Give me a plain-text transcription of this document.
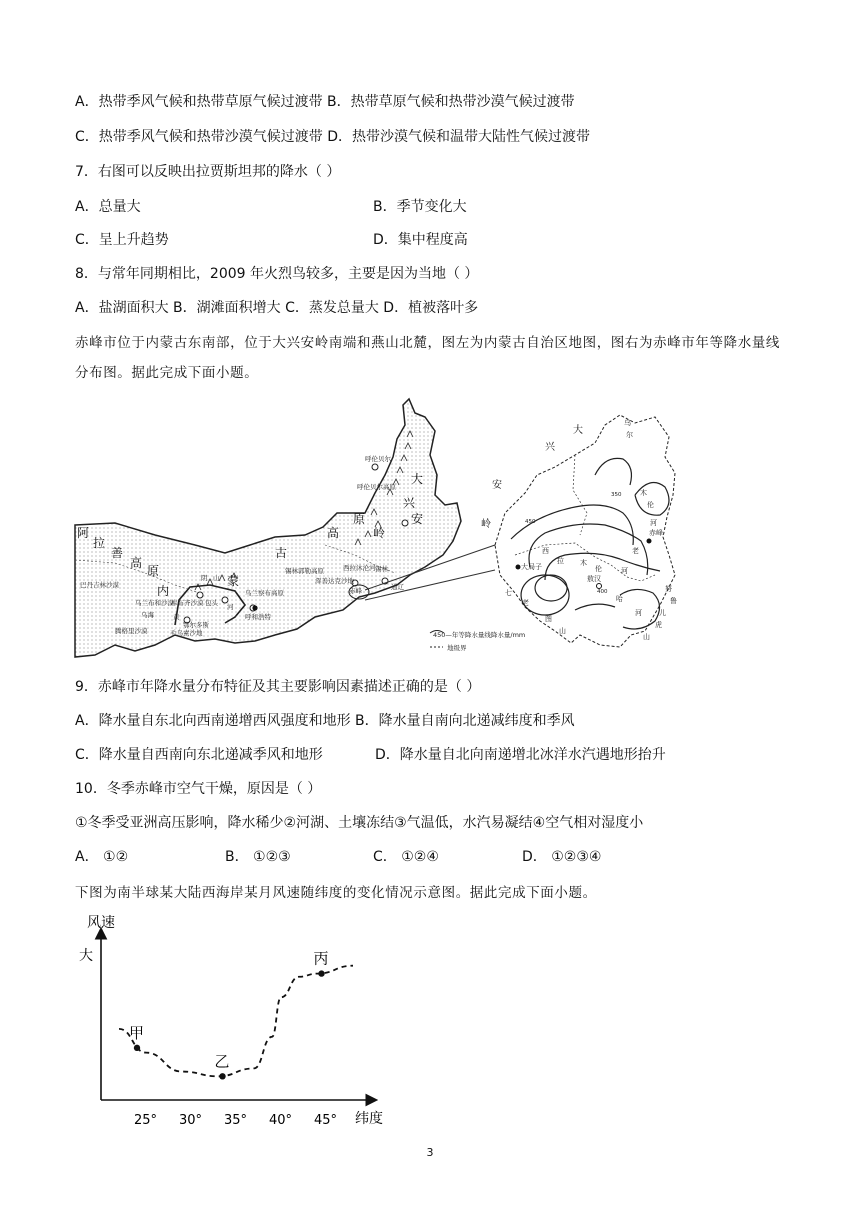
A．热带季风气候和热带草原气候过渡带 B．热带草原气候和热带沙漠气候过渡带
C．热带季风气候和热带沙漠气候过渡带 D．热带沙漠气候和温带大陆性气候过渡带
7．右图可以反映出拉贾斯坦邦的降水（ ）
A．总量大	B．季节变化大
C．呈上升趋势	D．集中程度高
8．与常年同期相比，2009 年火烈鸟较多，主要是因为当地（ ）
A．盐湖面积大 B．湖滩面积增大 C．蒸发总量大 D．植被落叶多
赤峰市位于内蒙古东南部，位于大兴安岭南端和燕山北麓，图左为内蒙古自治区地图，图右为赤峰市年等降水量线分布图。据此完成下面小题。
阿
拉
善
高
原
内
蒙
古
高
原
大
兴
安
岭
呼伦贝尔
呼伦贝尔高原
巴丹吉林沙漠
腾格里沙漠
乌兰布和沙漠
库布齐沙漠
毛乌素沙地
鄂尔多斯
阴 山
包头
呼和浩特
乌兰察布高原
锡林郭勒高原
浑善达克沙地
西拉沐沦河 锡林
赤峰	通辽
乌海	黄
河
350
450
400
大
兴
安
岭
乌
尔
木
伦
河
西
拉 木
伦	河
老
哈
河
七
老
图
山
努
鲁
儿
虎
山
大局子
赤峰
敖汉
450—年等降水量线降水量/mm
地级界
9．赤峰市年降水量分布特征及其主要影响因素描述正确的是（ ）
A．降水量自东北向西南递增西风强度和地形 B．降水量自南向北递减纬度和季风
C．降水量自西南向东北递减季风和地形	D．降水量自北向南递增北冰洋水汽遇地形抬升
10．冬季赤峰市空气干燥，原因是（ ）
①冬季受亚洲高压影响，降水稀少②河湖、土壤冻结③气温低，水汽易凝结④空气相对湿度小
A． ①②	B． ①②③	C． ①②④	D． ①②③④
下图为南半球某大陆西海岸某月风速随纬度的变化情况示意图。据此完成下面小题。
风速
大
纬度
25° 30° 35° 40° 45°
甲
乙
丙
3
